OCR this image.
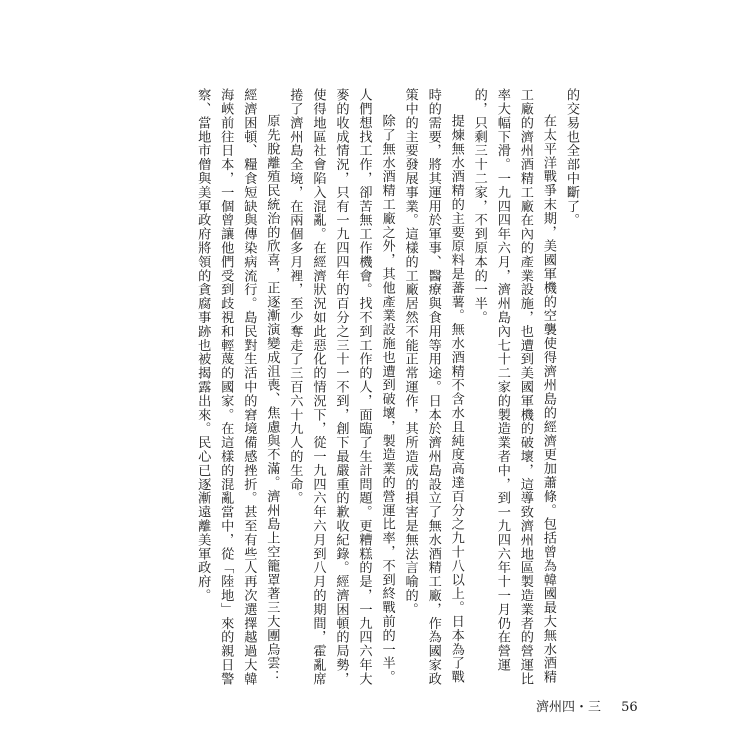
的交易也全部中斷了。
在太平洋戰爭末期，美國軍機的空襲使得濟州島的經濟更加蕭條。包括曾為韓國最大無水酒精
工廠的濟州酒精工廠在內的產業設施，也遭到美國軍機的破壞，這導致濟州地區製造業者的營運比
率大幅下滑。一九四四年六月，濟州島內七十二家的製造業者中，到一九四六年十一月仍在營運
的，只剩三十二家，不到原本的一半。
提煉無水酒精的主要原料是蕃薯。無水酒精不含水且純度高達百分之九十八以上。日本為了戰
時的需要，將其運用於軍事、醫療與食用等用途。日本於濟州島設立了無水酒精工廠，作為國家政
策中的主要發展事業。這樣的工廠居然不能正常運作，其所造成的損害是無法言喻的。
除了無水酒精工廠之外，其他產業設施也遭到破壞，製造業的營運比率，不到終戰前的一半。
人們想找工作，卻苦無工作機會。找不到工作的人，面臨了生計問題。更糟糕的是，一九四六年大
麥的收成情況，只有一九四四年的百分之三十一不到，創下最嚴重的歉收紀錄。經濟困頓的局勢，
使得地區社會陷入混亂。在經濟狀況如此惡化的情況下，從一九四六年六月到八月的期間，霍亂席
捲了濟州島全境，在兩個多月裡，至少奪走了三百六十九人的生命。
原先脫離殖民統治的欣喜，正逐漸演變成沮喪、焦慮與不滿。濟州島上空籠罩著三大團烏雲：
經濟困頓、糧食短缺與傳染病流行。島民對生活中的窘境備感挫折。甚至有些人再次選擇越過大韓
海峽前往日本，一個曾讓他們受到歧視和輕蔑的國家。在這樣的混亂當中，從「陸地」來的親日警
察、當地市僧與美軍政府將領的貪腐事跡也被揭露出來。民心已逐漸遠離美軍政府。
濟州四・三 56
